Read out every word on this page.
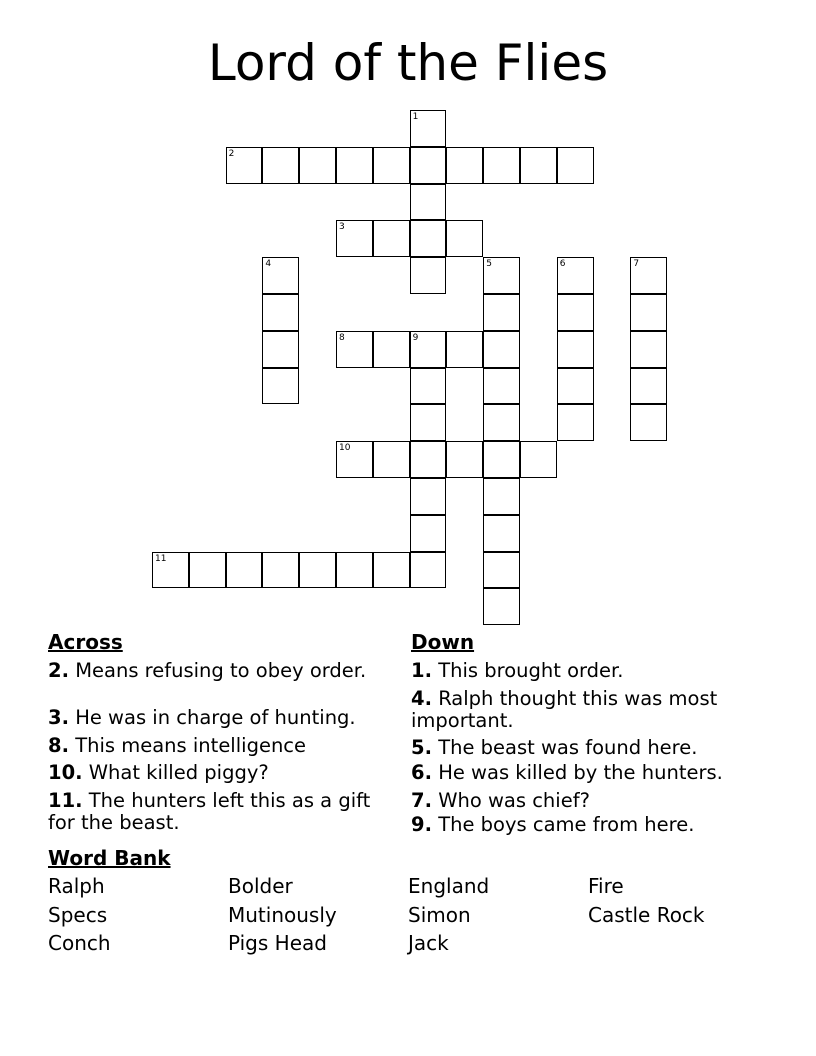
Lord of the Flies
1
2
3
4	5	6	7
8	9
10
11
Across
2. Means refusing to obey order.
3. He was in charge of hunting.
8. This means intelligence
10. What killed piggy?
11. The hunters left this as a gift for the beast.
Down
1. This brought order.
4. Ralph thought this was most important.
5. The beast was found here.
6. He was killed by the hunters.
7. Who was chief?
9. The boys came from here.
Word Bank
Ralph	Bolder	England	Fire
Specs	Mutinously	Simon	Castle Rock
Conch	Pigs Head	Jack
